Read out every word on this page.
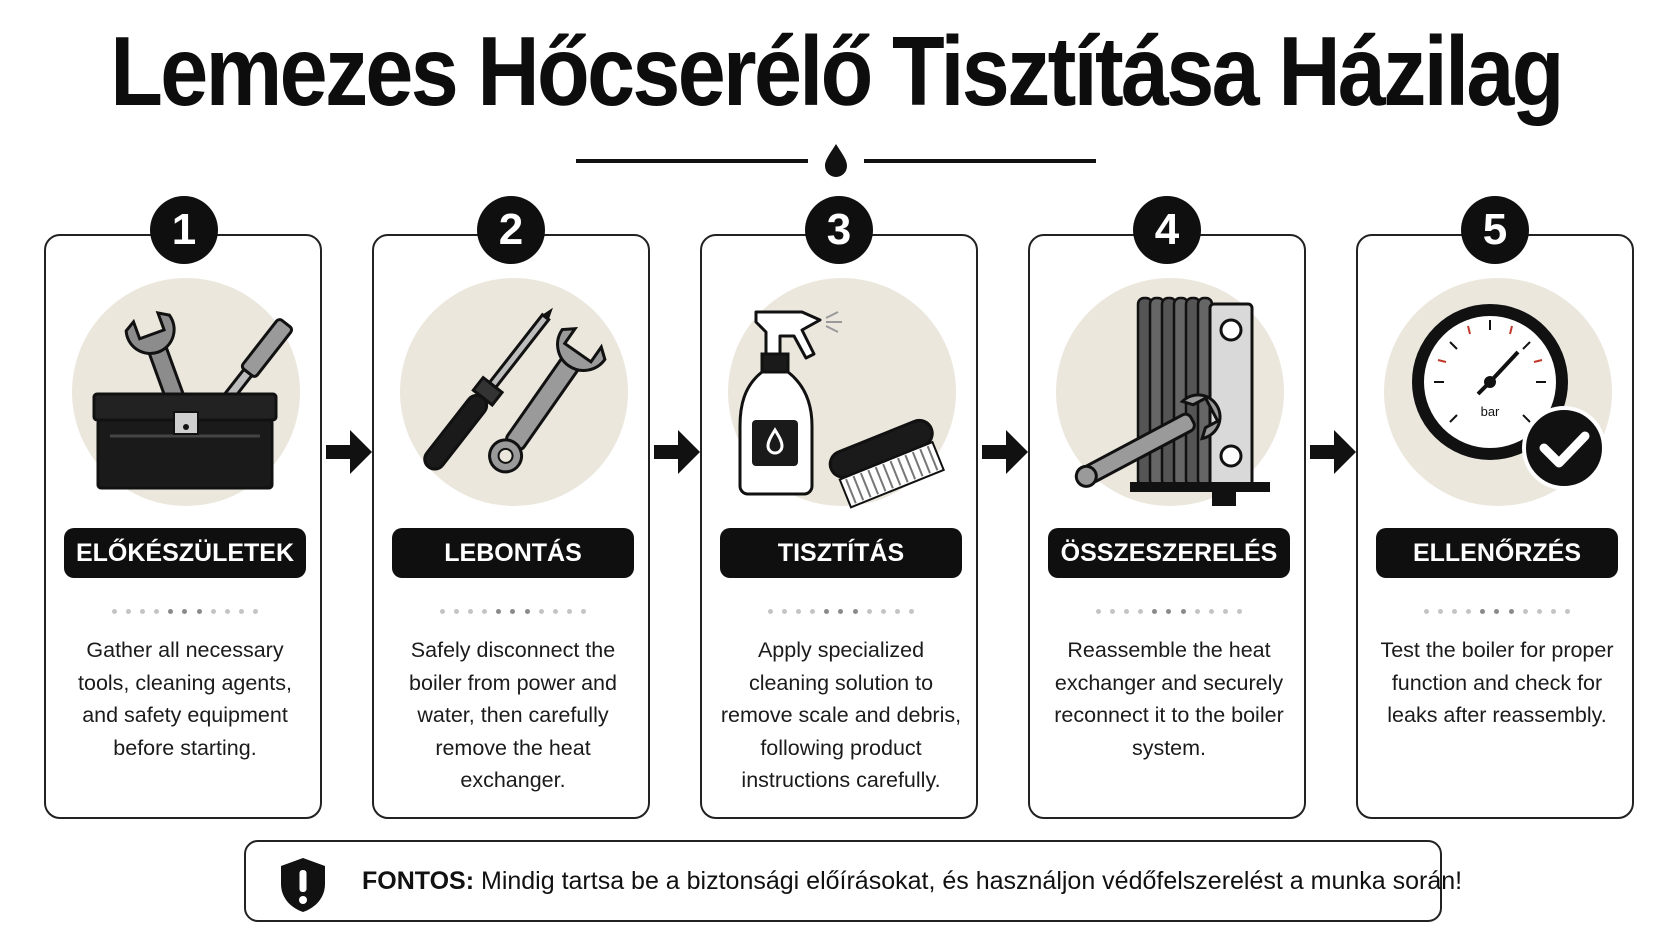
Lemezes Hőcserélő Tisztítása Házilag
ELŐKÉSZÜLETEK
Gather all necessary tools, cleaning agents, and safety equipment before starting.
1
LEBONTÁS
Safely disconnect the boiler from power and water, then carefully remove the heat exchanger.
2
TISZTÍTÁS
Apply specialized cleaning solution to remove scale and debris, following product instructions carefully.
3
ÖSSZESZERELÉS
Reassemble the heat exchanger and securely reconnect it to the boiler system.
4
bar
ELLENŐRZÉS
Test the boiler for proper function and check for leaks after reassembly.
5
FONTOS: Mindig tartsa be a biztonsági előírásokat, és használjon védőfelszerelést a munka során!
